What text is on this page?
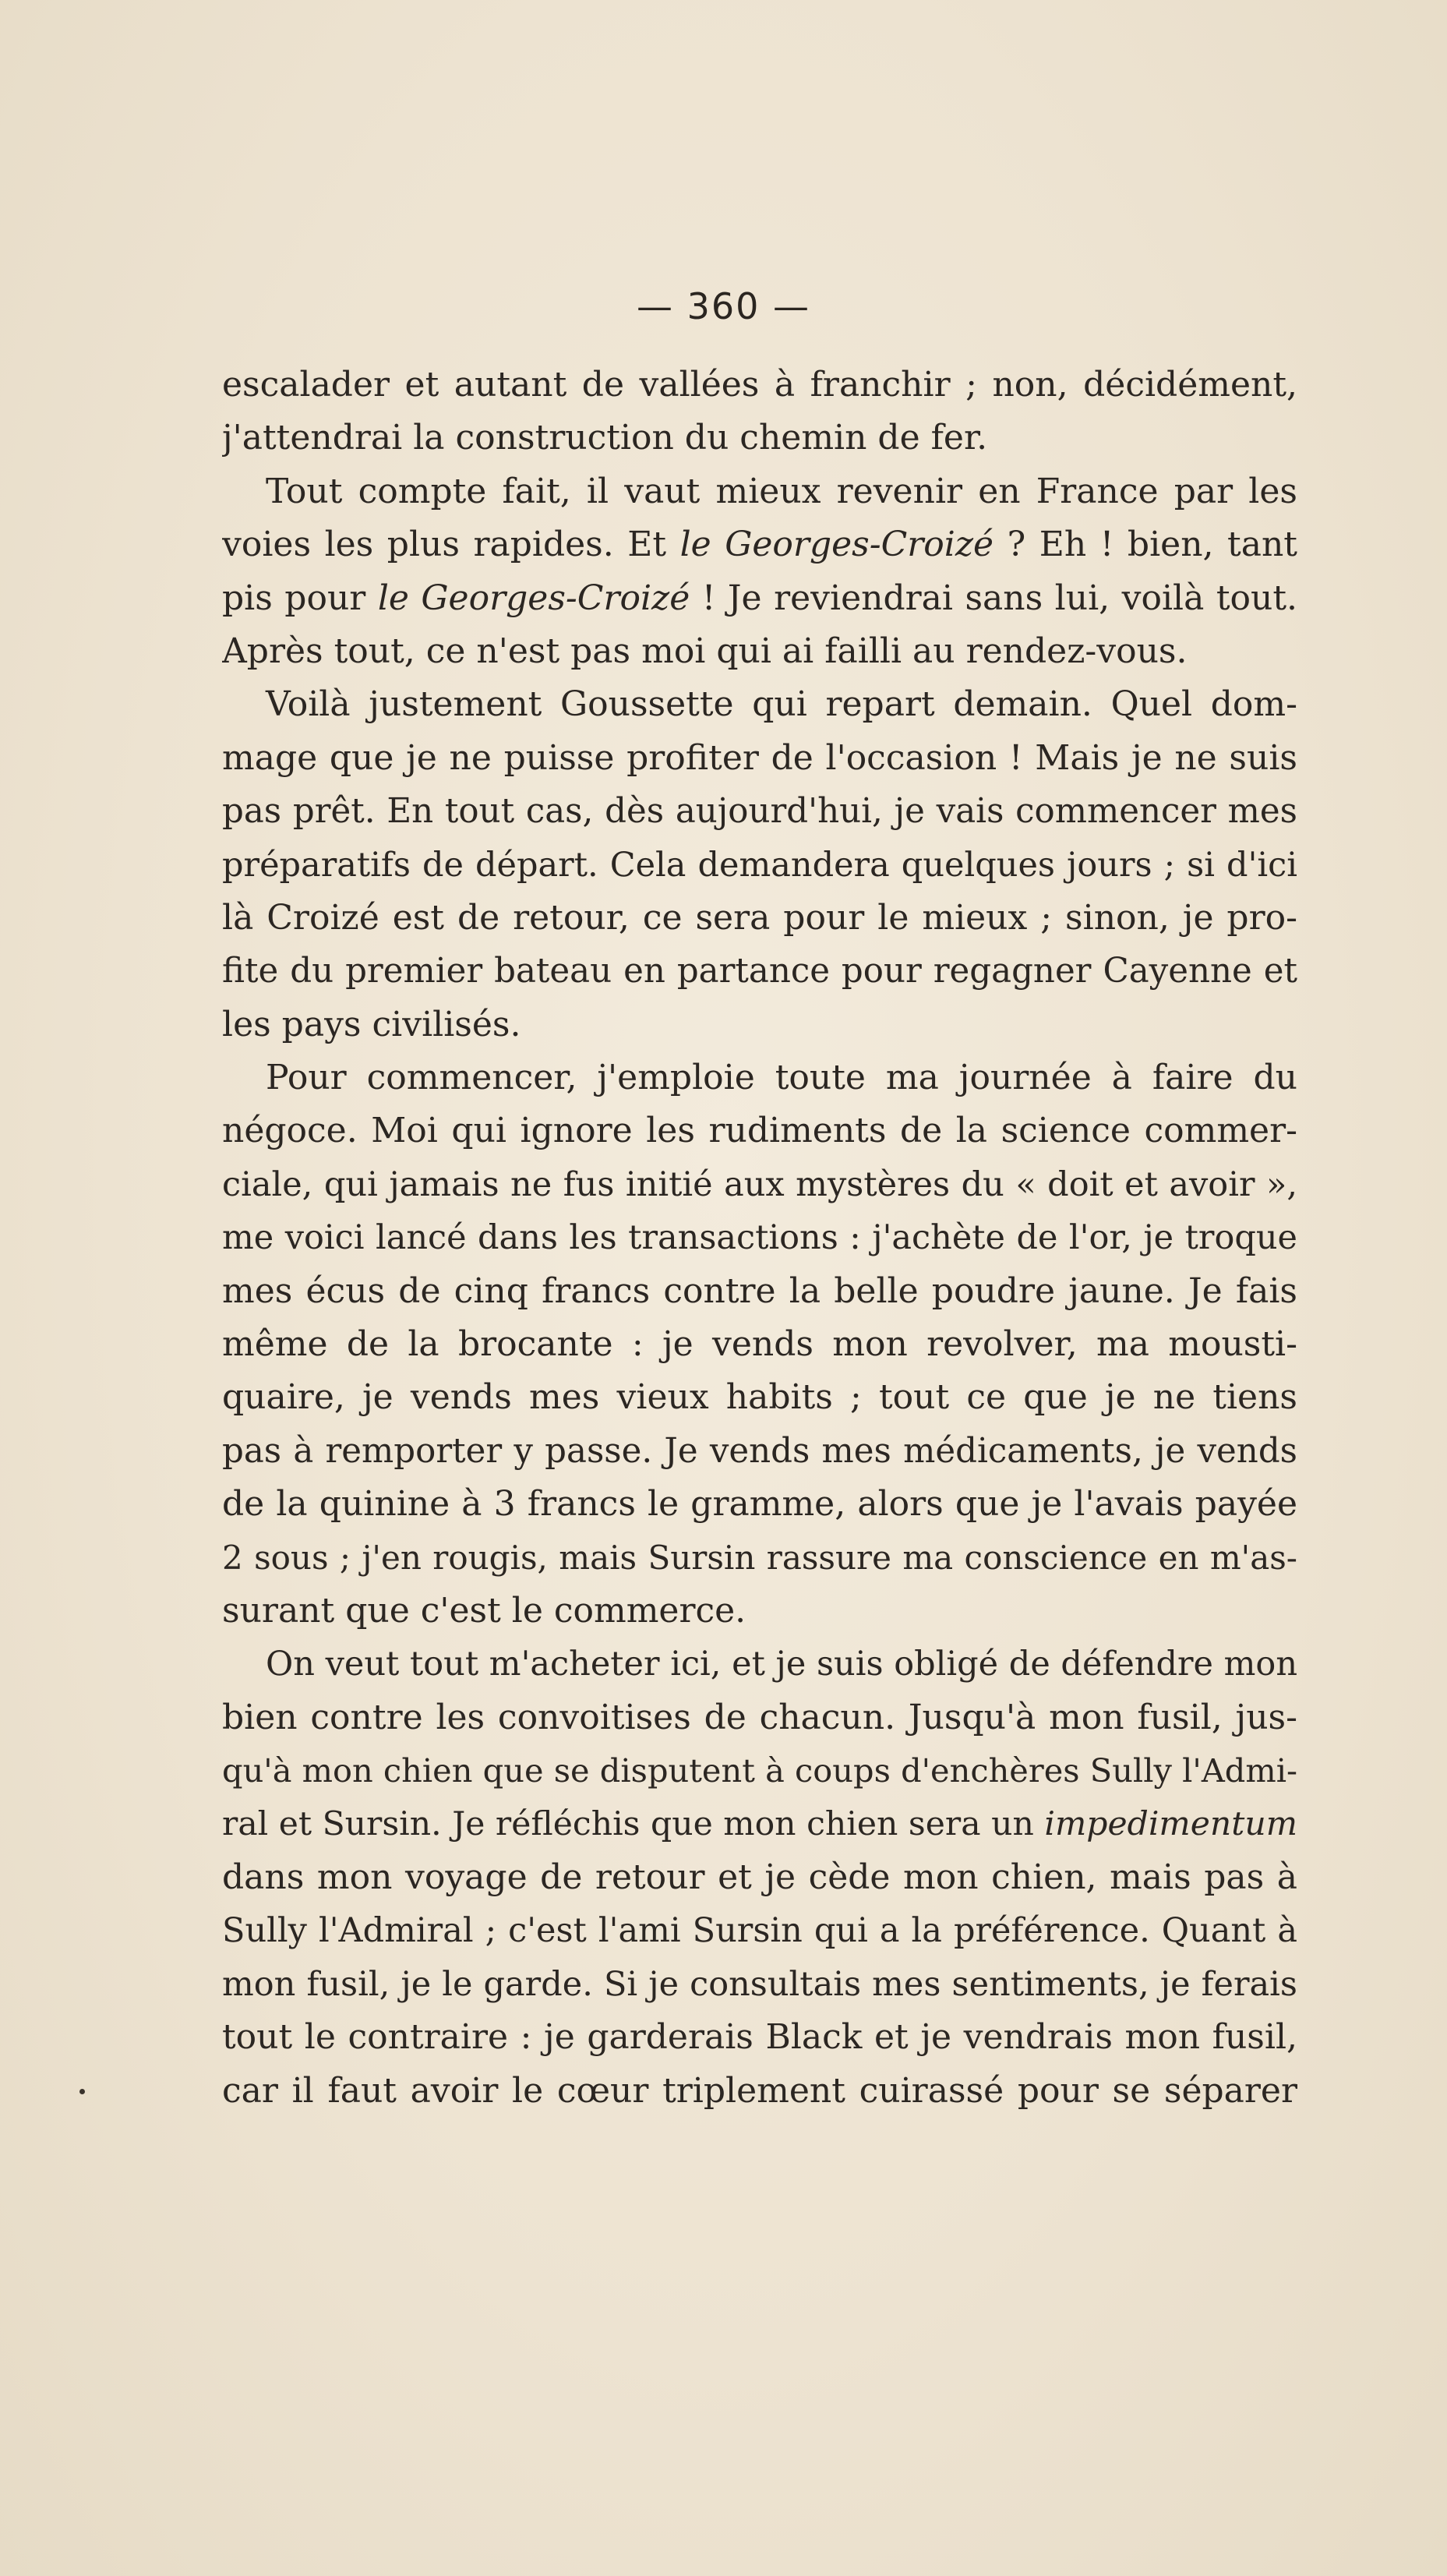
— 360 —
escalader et autant de vallées à franchir ; non, décidément,
j'attendrai la construction du chemin de fer.
Tout compte fait, il vaut mieux revenir en France par les
voies les plus rapides. Et le Georges-Croizé ? Eh ! bien, tant
pis pour le Georges-Croizé ! Je reviendrai sans lui, voilà tout.
Après tout, ce n'est pas moi qui ai failli au rendez-vous.
Voilà justement Goussette qui repart demain. Quel dom-
mage que je ne puisse profiter de l'occasion ! Mais je ne suis
pas prêt. En tout cas, dès aujourd'hui, je vais commencer mes
préparatifs de départ. Cela demandera quelques jours ; si d'ici
là Croizé est de retour, ce sera pour le mieux ; sinon, je pro-
fite du premier bateau en partance pour regagner Cayenne et
les pays civilisés.
Pour commencer, j'emploie toute ma journée à faire du
négoce. Moi qui ignore les rudiments de la science commer-
ciale, qui jamais ne fus initié aux mystères du « doit et avoir »,
me voici lancé dans les transactions : j'achète de l'or, je troque
mes écus de cinq francs contre la belle poudre jaune. Je fais
même de la brocante : je vends mon revolver, ma mousti-
quaire, je vends mes vieux habits ; tout ce que je ne tiens
pas à remporter y passe. Je vends mes médicaments, je vends
de la quinine à 3 francs le gramme, alors que je l'avais payée
2 sous ; j'en rougis, mais Sursin rassure ma conscience en m'as-
surant que c'est le commerce.
On veut tout m'acheter ici, et je suis obligé de défendre mon
bien contre les convoitises de chacun. Jusqu'à mon fusil, jus-
qu'à mon chien que se disputent à coups d'enchères Sully l'Admi-
ral et Sursin. Je réfléchis que mon chien sera un impedimentum
dans mon voyage de retour et je cède mon chien, mais pas à
Sully l'Admiral ; c'est l'ami Sursin qui a la préférence. Quant à
mon fusil, je le garde. Si je consultais mes sentiments, je ferais
tout le contraire : je garderais Black et je vendrais mon fusil,
car il faut avoir le cœur triplement cuirassé pour se séparer
